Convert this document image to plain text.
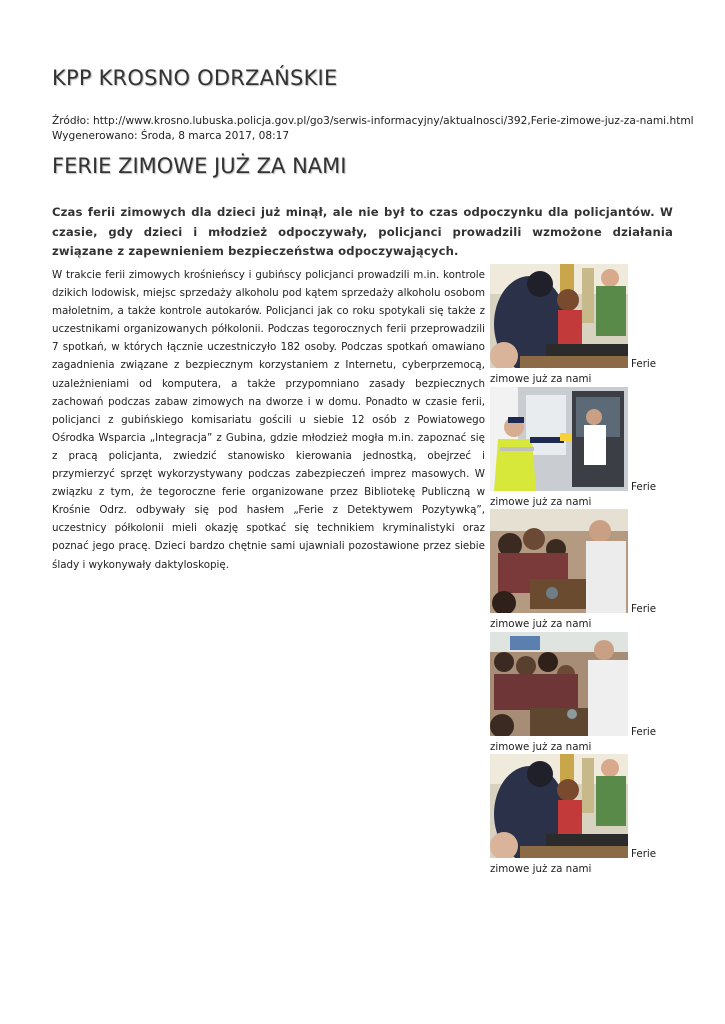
KPP KROSNO ODRZAŃSKIE
Źródło: http://www.krosno.lubuska.policja.gov.pl/go3/serwis-informacyjny/aktualnosci/392,Ferie-zimowe-juz-za-nami.html
Wygenerowano: Środa, 8 marca 2017, 08:17
FERIE ZIMOWE JUŻ ZA NAMI

Czas ferii zimowych dla dzieci już minął, ale nie był to czas odpoczynku dla policjantów. W czasie, gdy dzieci i młodzież odpoczywały, policjanci prowadzili wzmożone działania związane z zapewnieniem bezpieczeństwa odpoczywających.

W trakcie ferii zimowych krośnieńscy i gubińscy policjanci prowadzili m.in. kontrole dzikich lodowisk, miejsc sprzedaży alkoholu pod kątem sprzedaży alkoholu osobom małoletnim, a także kontrole autokarów. Policjanci jak co roku spotykali się także z uczestnikami organizowanych półkolonii. Podczas tegorocznych ferii przeprowadzili 7 spotkań, w których łącznie uczestniczyło 182 osoby. Podczas spotkań omawiano zagadnienia związane z bezpiecznym korzystaniem z Internetu, cyberprzemocą, uzależnieniami od komputera, a także przypomniano zasady bezpiecznych zachowań podczas zabaw zimowych na dworze i w domu. Ponadto w czasie ferii, policjanci z gubińskiego komisariatu gościli u siebie 12 osób z Powiatowego Ośrodka Wsparcia „Integracja” z Gubina, gdzie młodzież mogła m.in. zapoznać się z pracą policjanta, zwiedzić stanowisko kierowania jednostką, obejrzeć i przymierzyć sprzęt wykorzystywany podczas zabezpieczeń imprez masowych. W związku z tym, że tegoroczne ferie organizowane przez Bibliotekę Publiczną w Krośnie Odrz. odbywały się pod hasłem „Ferie z Detektywem Pozytywką”, uczestnicy półkolonii mieli okazję spotkać się technikiem kryminalistyki oraz poznać jego pracę. Dzieci bardzo chętnie sami ujawniali pozostawione przez siebie ślady i wykonywały daktyloskopię.

Ferie
zimowe już za nami
Ferie
zimowe już za nami
Ferie
zimowe już za nami
Ferie
zimowe już za nami
Ferie
zimowe już za nami
